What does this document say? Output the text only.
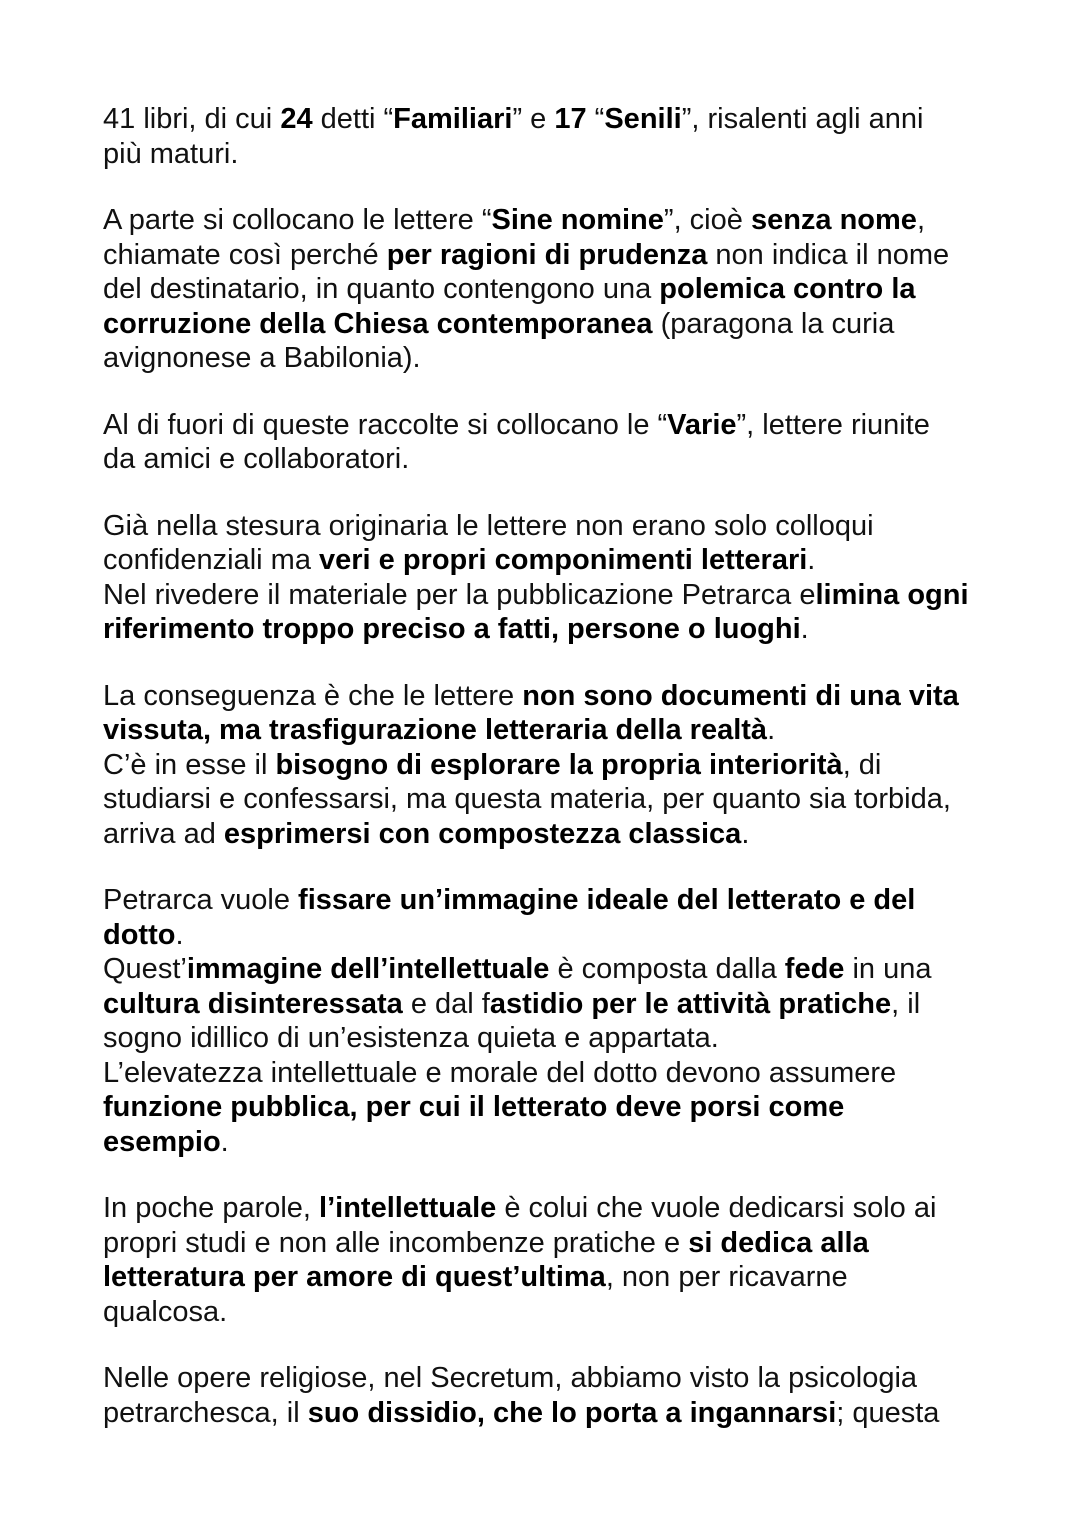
41 libri, di cui 24 detti “Familiari” e 17 “Senili”, risalenti agli anni
più maturi.

A parte si collocano le lettere “Sine nomine”, cioè senza nome,
chiamate così perché per ragioni di prudenza non indica il nome
del destinatario, in quanto contengono una polemica contro la
corruzione della Chiesa contemporanea (paragona la curia
avignonese a Babilonia).

Al di fuori di queste raccolte si collocano le “Varie”, lettere riunite
da amici e collaboratori.

Già nella stesura originaria le lettere non erano solo colloqui
confidenziali ma veri e propri componimenti letterari.
Nel rivedere il materiale per la pubblicazione Petrarca elimina ogni
riferimento troppo preciso a fatti, persone o luoghi.

La conseguenza è che le lettere non sono documenti di una vita
vissuta, ma trasfigurazione letteraria della realtà.
C’è in esse il bisogno di esplorare la propria interiorità, di
studiarsi e confessarsi, ma questa materia, per quanto sia torbida,
arriva ad esprimersi con compostezza classica.

Petrarca vuole fissare un’immagine ideale del letterato e del
dotto.
Quest’immagine dell’intellettuale è composta dalla fede in una
cultura disinteressata e dal fastidio per le attività pratiche, il
sogno idillico di un’esistenza quieta e appartata.
L’elevatezza intellettuale e morale del dotto devono assumere
funzione pubblica, per cui il letterato deve porsi come
esempio.

In poche parole, l’intellettuale è colui che vuole dedicarsi solo ai
propri studi e non alle incombenze pratiche e si dedica alla
letteratura per amore di quest’ultima, non per ricavarne
qualcosa.

Nelle opere religiose, nel Secretum, abbiamo visto la psicologia
petrarchesca, il suo dissidio, che lo porta a ingannarsi; questa
